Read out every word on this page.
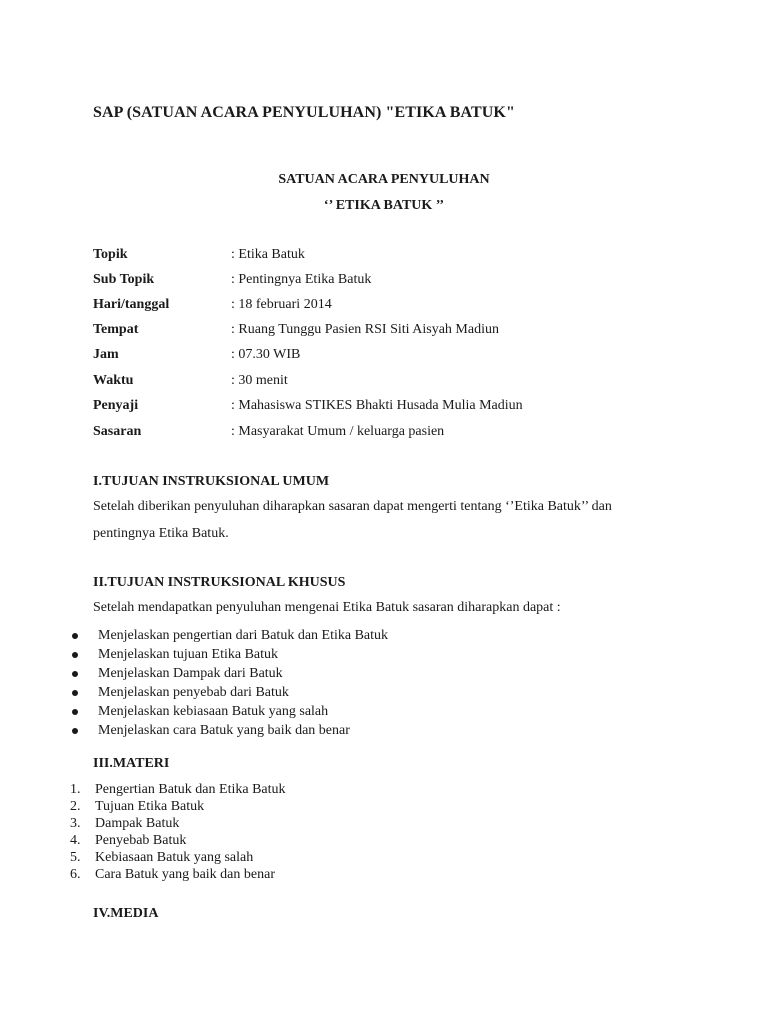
SAP (SATUAN ACARA PENYULUHAN) "ETIKA BATUK"
SATUAN ACARA PENYULUHAN
‘’ ETIKA BATUK ’’
Topik	: Etika Batuk
Sub Topik	: Pentingnya Etika Batuk
Hari/tanggal	: 18 februari 2014
Tempat	: Ruang Tunggu Pasien RSI Siti Aisyah Madiun
Jam	: 07.30 WIB
Waktu	: 30 menit
Penyaji	: Mahasiswa STIKES Bhakti Husada Mulia Madiun
Sasaran	: Masyarakat Umum / keluarga pasien
I.TUJUAN INSTRUKSIONAL UMUM
Setelah diberikan penyuluhan diharapkan sasaran dapat mengerti tentang ‘’Etika Batuk’’ dan
pentingnya Etika Batuk.
II.TUJUAN INSTRUKSIONAL KHUSUS
Setelah mendapatkan penyuluhan mengenai Etika Batuk sasaran diharapkan dapat :
Menjelaskan pengertian dari Batuk dan Etika Batuk
Menjelaskan tujuan Etika Batuk
Menjelaskan Dampak dari Batuk
Menjelaskan penyebab dari Batuk
Menjelaskan kebiasaan Batuk yang salah
Menjelaskan cara Batuk yang baik dan benar
III.MATERI
1. Pengertian Batuk dan Etika Batuk
2. Tujuan Etika Batuk
3. Dampak Batuk
4. Penyebab Batuk
5. Kebiasaan Batuk yang salah
6. Cara Batuk yang baik dan benar
IV.MEDIA
